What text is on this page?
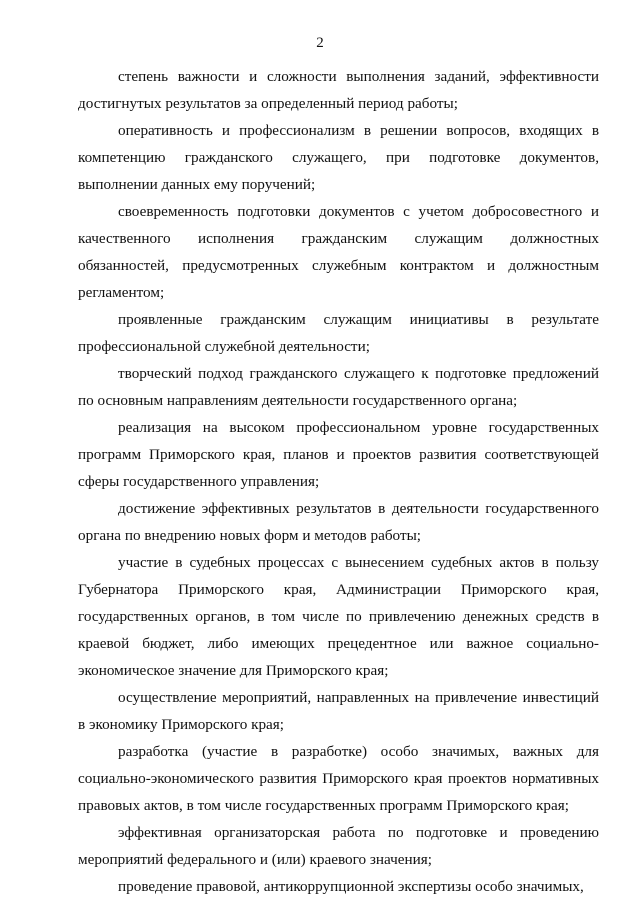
2

степень важности и сложности выполнения заданий, эффективности достигнутых результатов за определенный период работы;

оперативность и профессионализм в решении вопросов, входящих в компетенцию гражданского служащего, при подготовке документов, выполнении данных ему поручений;

своевременность подготовки документов с учетом добросовестного и качественного исполнения гражданским служащим должностных обязанностей, предусмотренных служебным контрактом и должностным регламентом;

проявленные гражданским служащим инициативы в результате профессиональной служебной деятельности;

творческий подход гражданского служащего к подготовке предложений по основным направлениям деятельности государственного органа;

реализация на высоком профессиональном уровне государственных программ Приморского края, планов и проектов развития соответствующей сферы государственного управления;

достижение эффективных результатов в деятельности государственного органа по внедрению новых форм и методов работы;

участие в судебных процессах с вынесением судебных актов в пользу Губернатора Приморского края, Администрации Приморского края, государственных органов, в том числе по привлечению денежных средств в краевой бюджет, либо имеющих прецедентное или важное социально-экономическое значение для Приморского края;

осуществление мероприятий, направленных на привлечение инвестиций в экономику Приморского края;

разработка (участие в разработке) особо значимых, важных для социально-экономического развития Приморского края проектов нормативных правовых актов, в том числе государственных программ Приморского края;

эффективная организаторская работа по подготовке и проведению мероприятий федерального и (или) краевого значения;

проведение правовой, антикоррупционной экспертизы особо значимых,
